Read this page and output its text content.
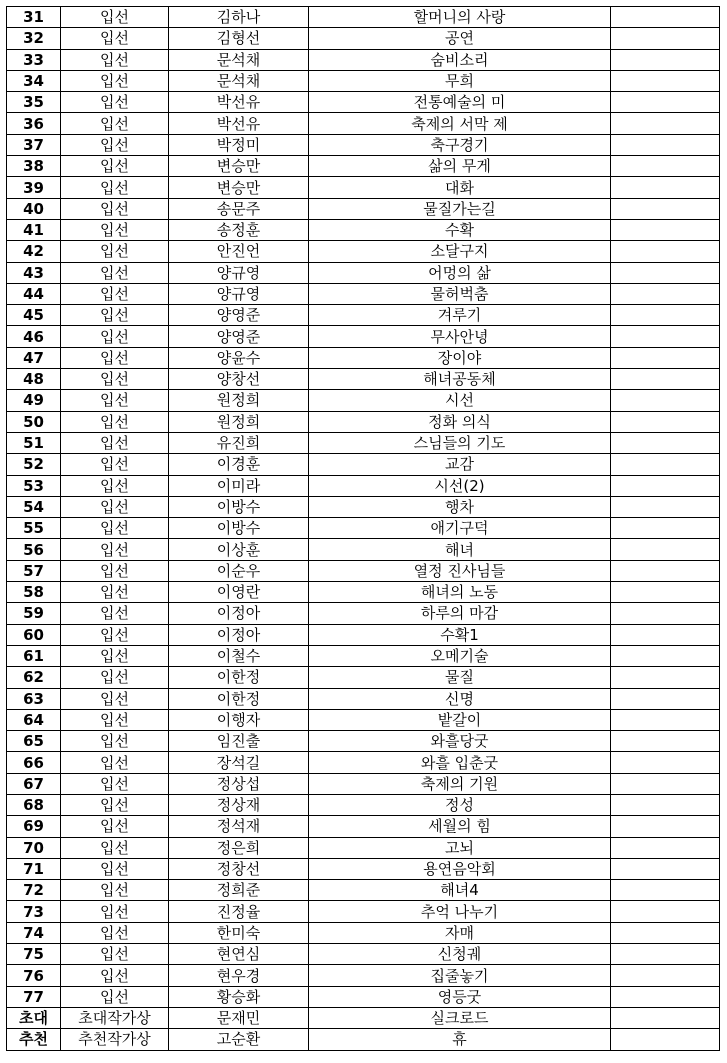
31	입선	김하나	할머니의 사랑	
32	입선	김형선	공연	
33	입선	문석채	숨비소리	
34	입선	문석채	무희	
35	입선	박선유	전통예술의 미	
36	입선	박선유	축제의 서막 제	
37	입선	박정미	축구경기	
38	입선	변승만	삶의 무게	
39	입선	변승만	대화	
40	입선	송문주	물질가는길	
41	입선	송정훈	수확	
42	입선	안진언	소달구지	
43	입선	양규영	어멍의 삶	
44	입선	양규영	물허벅춤	
45	입선	양영준	겨루기	
46	입선	양영준	무사안녕	
47	입선	양윤수	장이야	
48	입선	양창선	해녀공동체	
49	입선	원정희	시선	
50	입선	원정희	정화 의식	
51	입선	유진희	스님들의 기도	
52	입선	이경훈	교감	
53	입선	이미라	시선(2)	
54	입선	이방수	행차	
55	입선	이방수	애기구덕	
56	입선	이상훈	해녀	
57	입선	이순우	열정 진사님들	
58	입선	이영란	해녀의 노동	
59	입선	이정아	하루의 마감	
60	입선	이정아	수확1	
61	입선	이철수	오메기술	
62	입선	이한정	물질	
63	입선	이한정	신명	
64	입선	이행자	밭갈이	
65	입선	임진출	와흘당굿	
66	입선	장석길	와흘 입춘굿	
67	입선	정상섭	축제의 기원	
68	입선	정상재	정성	
69	입선	정석재	세월의 힘	
70	입선	정은희	고뇌	
71	입선	정창선	용연음악회	
72	입선	정희준	해녀4	
73	입선	진정율	추억 나누기	
74	입선	한미숙	자매	
75	입선	현연심	신청궤	
76	입선	현우경	집줄놓기	
77	입선	황승화	영등굿	
초대	초대작가상	문재민	실크로드	
추천	추천작가상	고순환	휴	
